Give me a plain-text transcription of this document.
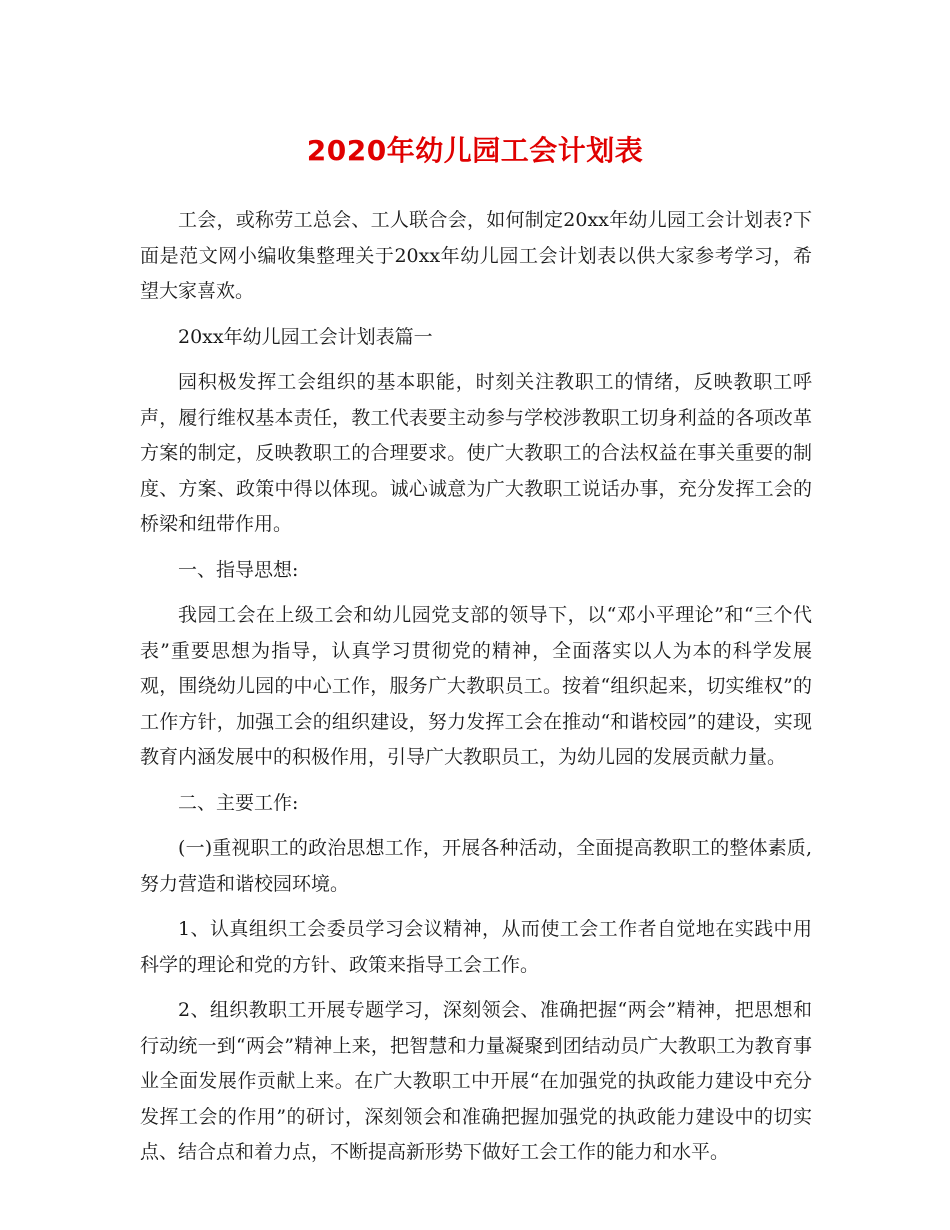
2020年幼儿园工会计划表

工会，或称劳工总会、工人联合会，如何制定20xx年幼儿园工会计划表?下面是范文网小编收集整理关于20xx年幼儿园工会计划表以供大家参考学习，希望大家喜欢。

20xx年幼儿园工会计划表篇一

园积极发挥工会组织的基本职能，时刻关注教职工的情绪，反映教职工呼声，履行维权基本责任，教工代表要主动参与学校涉教职工切身利益的各项改革方案的制定，反映教职工的合理要求。使广大教职工的合法权益在事关重要的制度、方案、政策中得以体现。诚心诚意为广大教职工说话办事，充分发挥工会的桥梁和纽带作用。

一、指导思想:

我园工会在上级工会和幼儿园党支部的领导下，以“邓小平理论”和“三个代表”重要思想为指导，认真学习贯彻党的精神，全面落实以人为本的科学发展观，围绕幼儿园的中心工作，服务广大教职员工。按着“组织起来，切实维权”的工作方针，加强工会的组织建设，努力发挥工会在推动“和谐校园”的建设，实现教育内涵发展中的积极作用，引导广大教职员工，为幼儿园的发展贡献力量。

二、主要工作:

(一)重视职工的政治思想工作，开展各种活动，全面提高教职工的整体素质,努力营造和谐校园环境。

1、认真组织工会委员学习会议精神，从而使工会工作者自觉地在实践中用科学的理论和党的方针、政策来指导工会工作。

2、组织教职工开展专题学习，深刻领会、准确把握“两会”精神，把思想和行动统一到“两会”精神上来，把智慧和力量凝聚到团结动员广大教职工为教育事业全面发展作贡献上来。在广大教职工中开展“在加强党的执政能力建设中充分发挥工会的作用”的研讨，深刻领会和准确把握加强党的执政能力建设中的切实点、结合点和着力点，不断提高新形势下做好工会工作的能力和水平。
